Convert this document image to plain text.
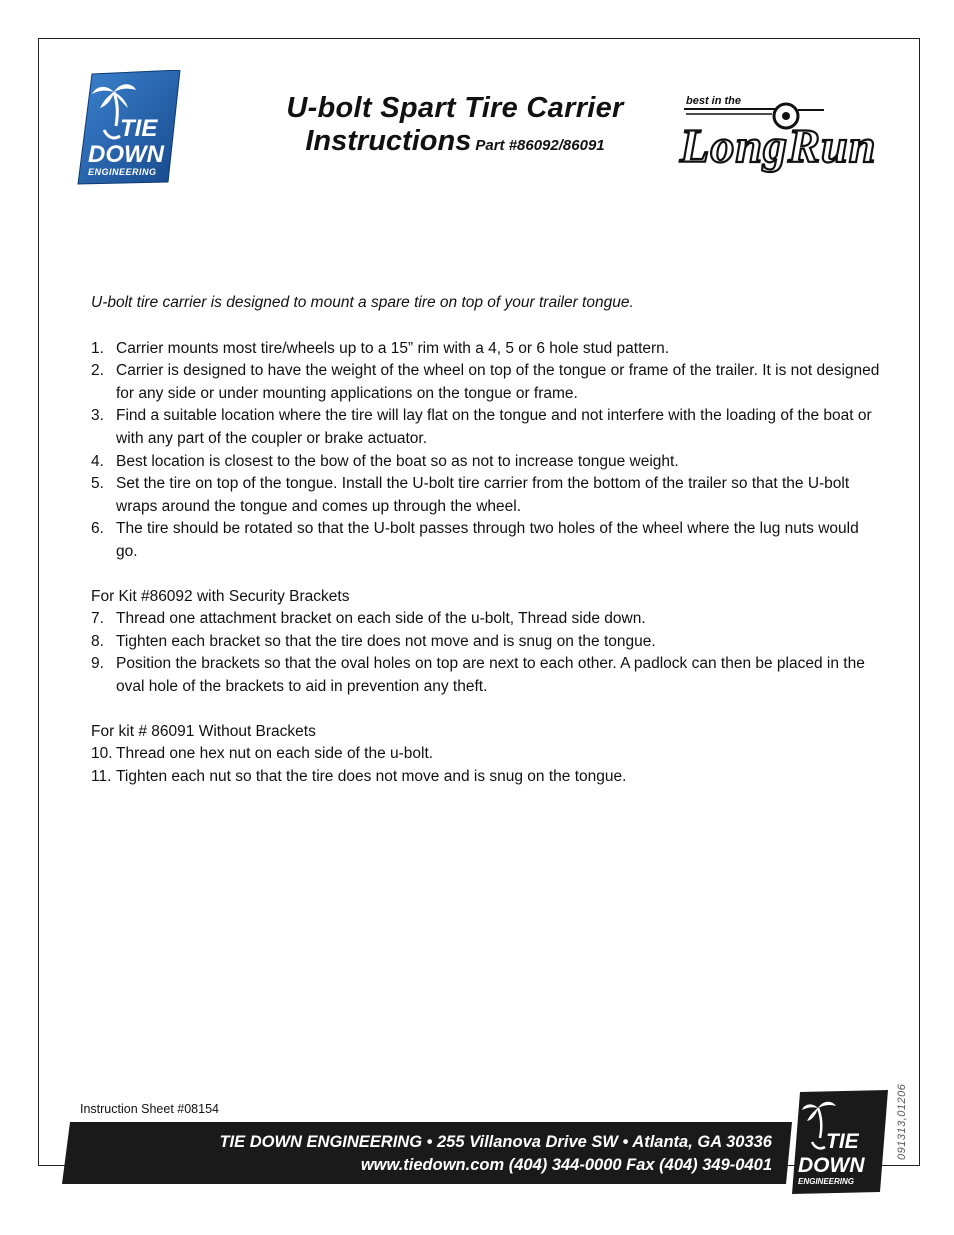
TIE
DOWN
ENGINEERING
U-bolt Spart Tire Carrier
Instructions Part #86092/86091
best in the
LongRun
U-bolt tire carrier is designed to mount a spare tire on top of your trailer tongue.
1. Carrier mounts most tire/wheels up to a 15” rim with a 4, 5 or 6 hole stud pattern.
2. Carrier is designed to have the weight of the wheel on top of the tongue or frame of the trailer. It is not designed for any side or under mounting applications on the tongue or frame.
3. Find a suitable location where the tire will lay flat on the tongue and not interfere with the loading of the boat or with any part of the coupler or brake actuator.
4. Best location is closest to the bow of the boat so as not to increase tongue weight.
5. Set the tire on top of the tongue. Install the U-bolt tire carrier from the bottom of the trailer so that the U-bolt wraps around the tongue and comes up through the wheel.
6. The tire should be rotated so that the U-bolt passes through two holes of the wheel where the lug nuts would go.
For Kit #86092 with Security Brackets
7. Thread one attachment bracket on each side of the u-bolt, Thread side down.
8. Tighten each bracket so that the tire does not move and is snug on the tongue.
9. Position the brackets so that the oval holes on top are next to each other. A padlock can then be placed in the oval hole of the brackets to aid in prevention any theft.
For kit # 86091 Without Brackets
10. Thread one hex nut on each side of the u-bolt.
11. Tighten each nut so that the tire does not move and is snug on the tongue.
Instruction Sheet #08154
TIE DOWN ENGINEERING • 255 Villanova Drive SW • Atlanta, GA 30336
www.tiedown.com (404) 344-0000 Fax (404) 349-0401
TIE
DOWN
ENGINEERING
091313,01206
